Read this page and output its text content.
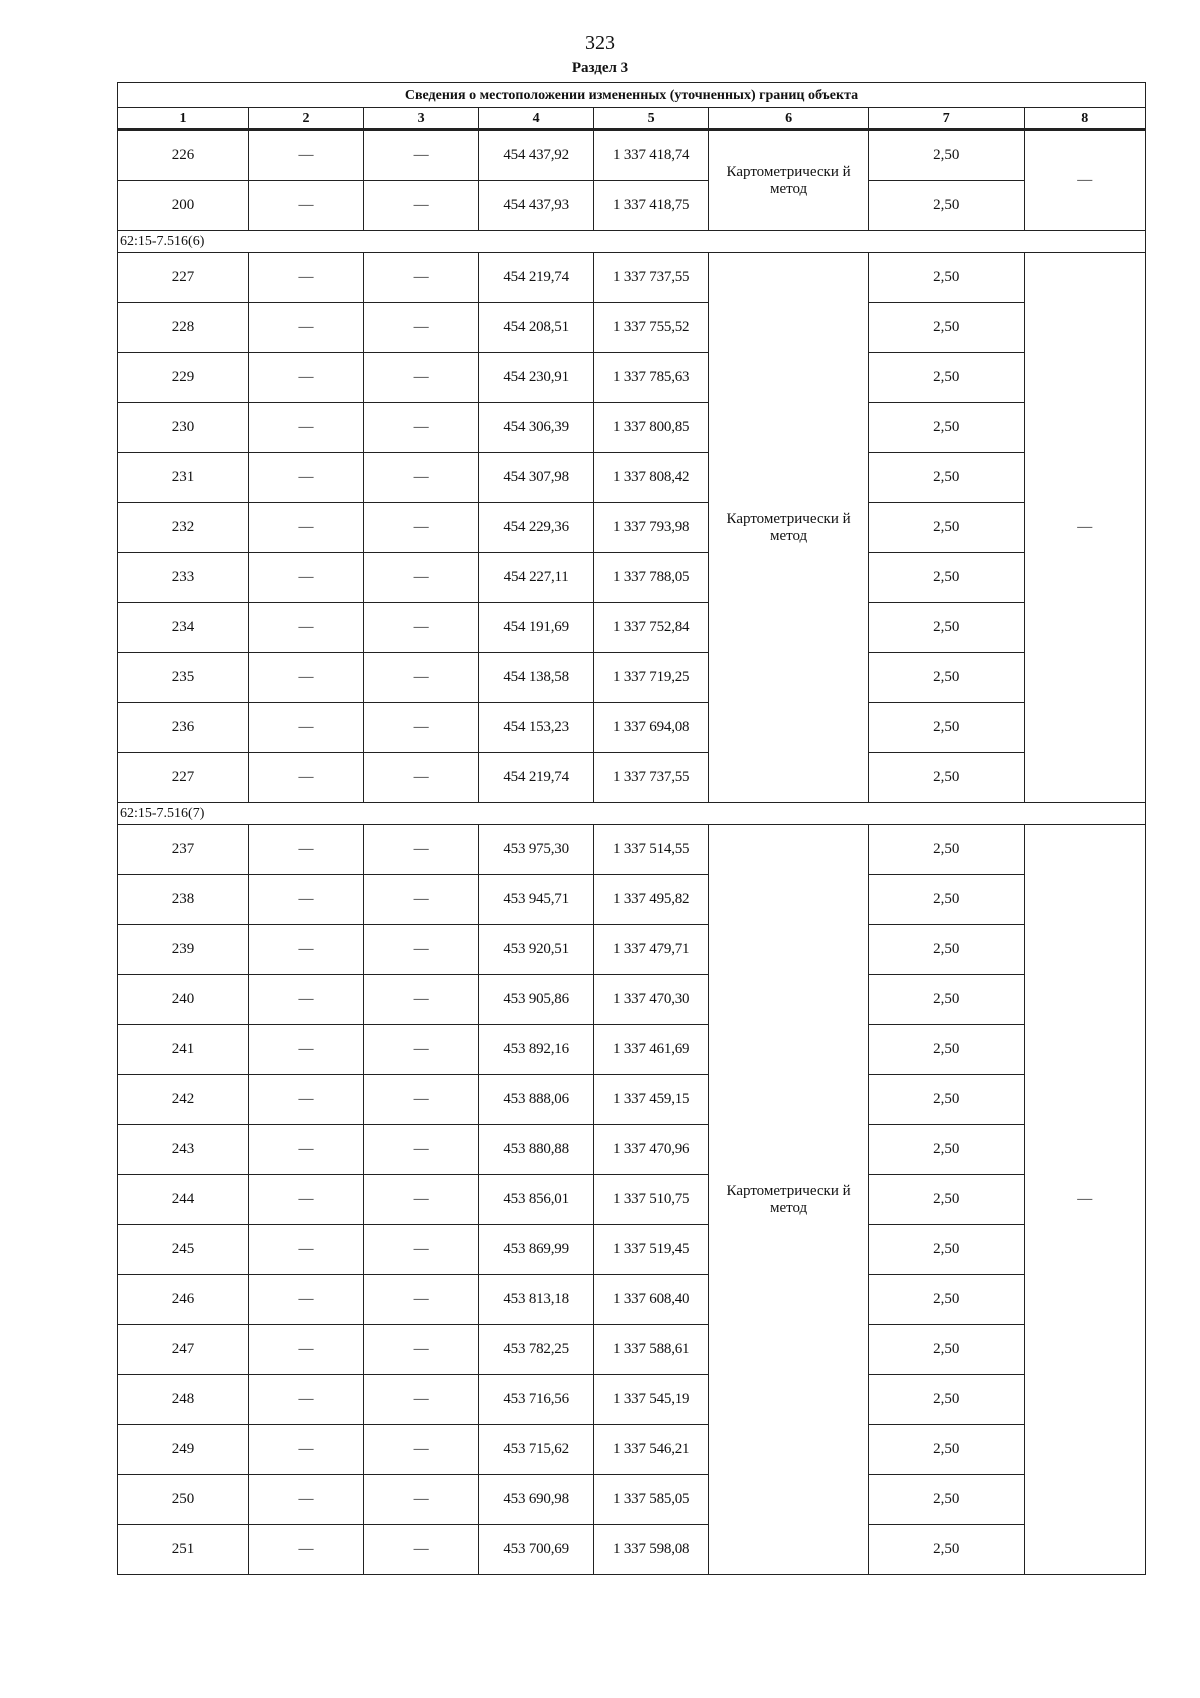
323
Раздел 3
Сведения о местоположении измененных (уточненных) границ объекта							
1	2	3	4	5	6	7	8
226	—	—	454 437,92	1 337 418,74	Картометрически й метод	2,50	—
200	—	—	454 437,93	1 337 418,75		2,50	
62:15-7.516(6)							
227	—	—	454 219,74	1 337 737,55	Картометрически й метод	2,50	—
228	—	—	454 208,51	1 337 755,52		2,50	
229	—	—	454 230,91	1 337 785,63		2,50	
230	—	—	454 306,39	1 337 800,85		2,50	
231	—	—	454 307,98	1 337 808,42		2,50	
232	—	—	454 229,36	1 337 793,98		2,50	
233	—	—	454 227,11	1 337 788,05		2,50	
234	—	—	454 191,69	1 337 752,84		2,50	
235	—	—	454 138,58	1 337 719,25		2,50	
236	—	—	454 153,23	1 337 694,08		2,50	
227	—	—	454 219,74	1 337 737,55		2,50	
62:15-7.516(7)							
237	—	—	453 975,30	1 337 514,55	Картометрически й метод	2,50	—
238	—	—	453 945,71	1 337 495,82		2,50	
239	—	—	453 920,51	1 337 479,71		2,50	
240	—	—	453 905,86	1 337 470,30		2,50	
241	—	—	453 892,16	1 337 461,69		2,50	
242	—	—	453 888,06	1 337 459,15		2,50	
243	—	—	453 880,88	1 337 470,96		2,50	
244	—	—	453 856,01	1 337 510,75		2,50	
245	—	—	453 869,99	1 337 519,45		2,50	
246	—	—	453 813,18	1 337 608,40		2,50	
247	—	—	453 782,25	1 337 588,61		2,50	
248	—	—	453 716,56	1 337 545,19		2,50	
249	—	—	453 715,62	1 337 546,21		2,50	
250	—	—	453 690,98	1 337 585,05		2,50	
251	—	—	453 700,69	1 337 598,08		2,50	
